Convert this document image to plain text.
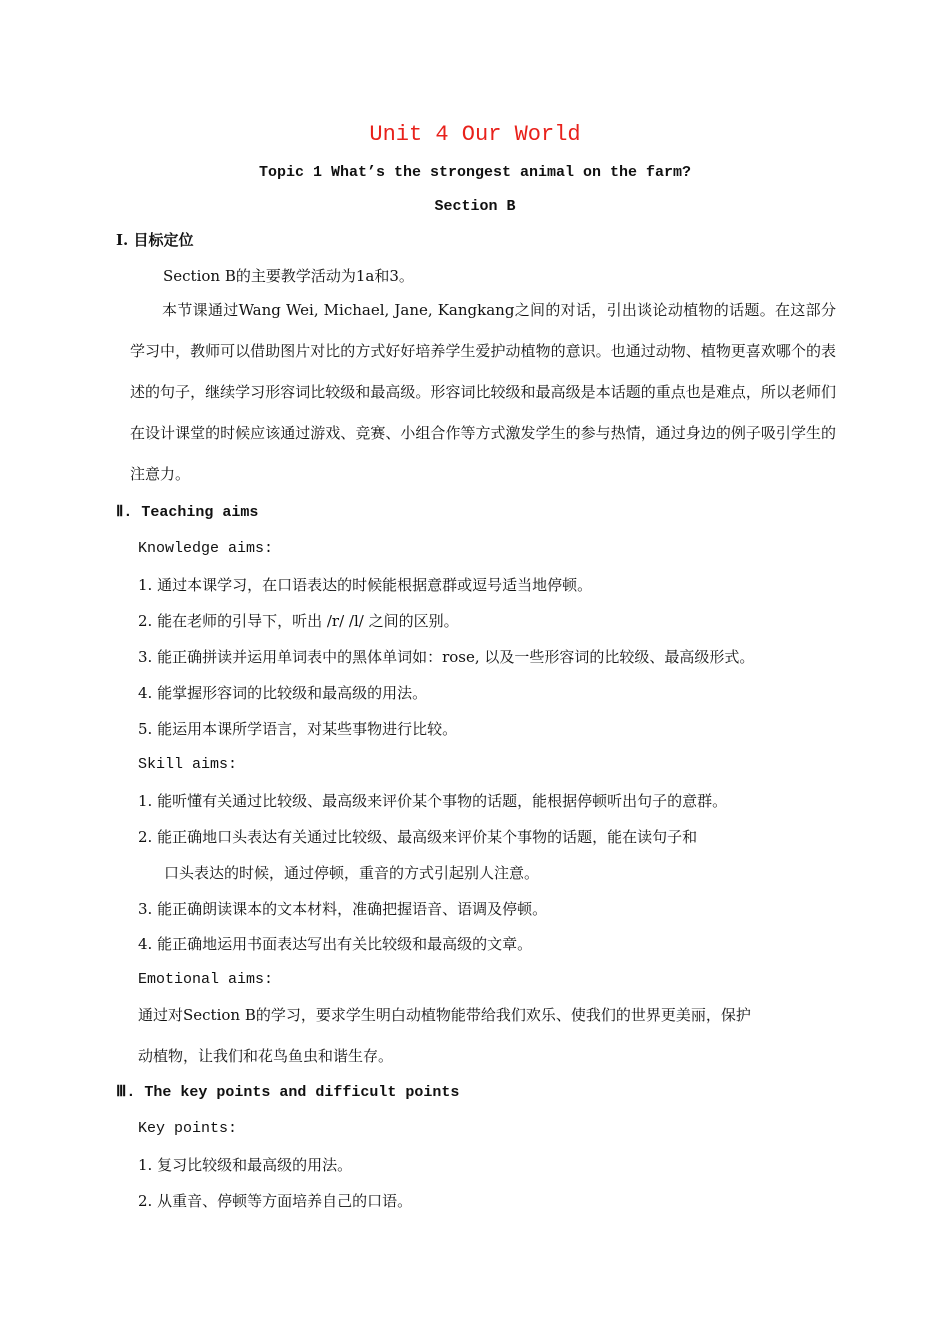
Unit 4 Our World
Topic 1 What’s the strongest animal on the farm?
Section B
Ⅰ. 目标定位
Section B的主要教学活动为1a和3。

本节课通过Wang Wei, Michael, Jane, Kangkang之间的对话，引出谈论动植物的话题。在这部分学习中，教师可以借助图片对比的方式好好培养学生爱护动植物的意识。也通过动物、植物更喜欢哪个的表述的句子，继续学习形容词比较级和最高级。形容词比较级和最高级是本话题的重点也是难点，所以老师们在设计课堂的时候应该通过游戏、竞赛、小组合作等方式激发学生的参与热情，通过身边的例子吸引学生的注意力。

Ⅱ. Teaching aims
Knowledge aims:
1. 通过本课学习，在口语表达的时候能根据意群或逗号适当地停顿。
2. 能在老师的引导下，听出 /r/ /l/ 之间的区别。
3. 能正确拼读并运用单词表中的黑体单词如：rose, 以及一些形容词的比较级、最高级形式。
4. 能掌握形容词的比较级和最高级的用法。
5. 能运用本课所学语言，对某些事物进行比较。
Skill aims:
1. 能听懂有关通过比较级、最高级来评价某个事物的话题，能根据停顿听出句子的意群。
2. 能正确地口头表达有关通过比较级、最高级来评价某个事物的话题，能在读句子和
口头表达的时候，通过停顿，重音的方式引起别人注意。
3. 能正确朗读课本的文本材料，准确把握语音、语调及停顿。
4. 能正确地运用书面表达写出有关比较级和最高级的文章。
Emotional aims:
通过对Section B的学习，要求学生明白动植物能带给我们欢乐、使我们的世界更美丽，保护
动植物，让我们和花鸟鱼虫和谐生存。
Ⅲ. The key points and difficult points
Key points:
1. 复习比较级和最高级的用法。
2. 从重音、停顿等方面培养自己的口语。
